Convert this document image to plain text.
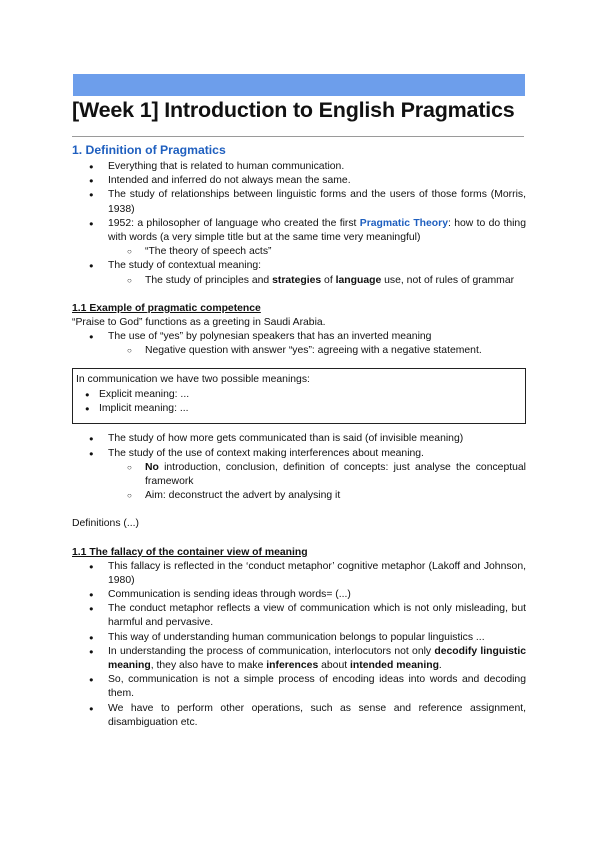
[Week 1] Introduction to English Pragmatics
1. Definition of Pragmatics
● Everything that is related to human communication.
● Intended and inferred do not always mean the same.
● The study of relationships between linguistic forms and the users of those forms (Morris, 1938)
● 1952: a philosopher of language who created the first Pragmatic Theory: how to do thing with words (a very simple title but at the same time very meaningful)
○ “The theory of speech acts”
● The study of contextual meaning:
○ The study of principles and strategies of language use, not of rules of grammar
1.1 Example of pragmatic competence

“Praise to God” functions as a greeting in Saudi Arabia.

● The use of “yes” by polynesian speakers that has an inverted meaning
○ Negative question with answer “yes”: agreeing with a negative statement.

In communication we have two possible meanings:

● Explicit meaning: ...
● Implicit meaning: ...
● The study of how more gets communicated than is said (of invisible meaning)
● The study of the use of context making interferences about meaning.
○ No introduction, conclusion, definition of concepts: just analyse the conceptual framework
○ Aim: deconstruct the advert by analysing it

Definitions (...)

1.1 The fallacy of the container view of meaning
● This fallacy is reflected in the ‘conduct metaphor’ cognitive metaphor (Lakoff and Johnson, 1980)
● Communication is sending ideas through words= (...)
● The conduct metaphor reflects a view of communication which is not only misleading, but harmful and pervasive.
● This way of understanding human communication belongs to popular linguistics ...
● In understanding the process of communication, interlocutors not only decodify linguistic meaning, they also have to make inferences about intended meaning.
● So, communication is not a simple process of encoding ideas into words and decoding them.
● We have to perform other operations, such as sense and reference assignment, disambiguation etc.
